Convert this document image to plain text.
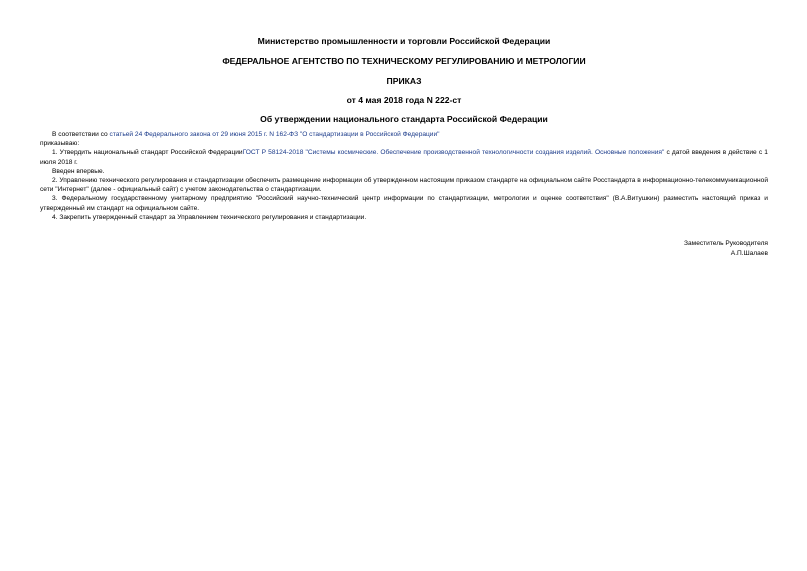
Министерство промышленности и торговли Российской Федерации
ФЕДЕРАЛЬНОЕ АГЕНТСТВО ПО ТЕХНИЧЕСКОМУ РЕГУЛИРОВАНИЮ И МЕТРОЛОГИИ
ПРИКАЗ
от 4 мая 2018 года N 222-ст
Об утверждении национального стандарта Российской Федерации

В соответствии со статьей 24 Федерального закона от 29 июня 2015 г. N 162-ФЗ "О стандартизации в Российской Федерации"

приказываю:

1. Утвердить национальный стандарт Российской ФедерацииГОСТ Р 58124-2018 "Системы космические. Обеспечение производственной технологичности создания изделий. Основные положения" с датой введения в действие с 1 июля 2018 г.

Введен впервые.

2. Управлению технического регулирования и стандартизации обеспечить размещение информации об утвержденном настоящим приказом стандарте на официальном сайте Росстандарта в информационно-телекоммуникационной сети "Интернет" (далее - официальный сайт) с учетом законодательства о стандартизации.

3. Федеральному государственному унитарному предприятию "Российский научно-технический центр информации по стандартизации, метрологии и оценке соответствия" (В.А.Витушкин) разместить настоящий приказ и утвержденный им стандарт на официальном сайте.

4. Закрепить утвержденный стандарт за Управлением технического регулирования и стандартизации.

Заместитель Руководителя
А.П.Шалаев
